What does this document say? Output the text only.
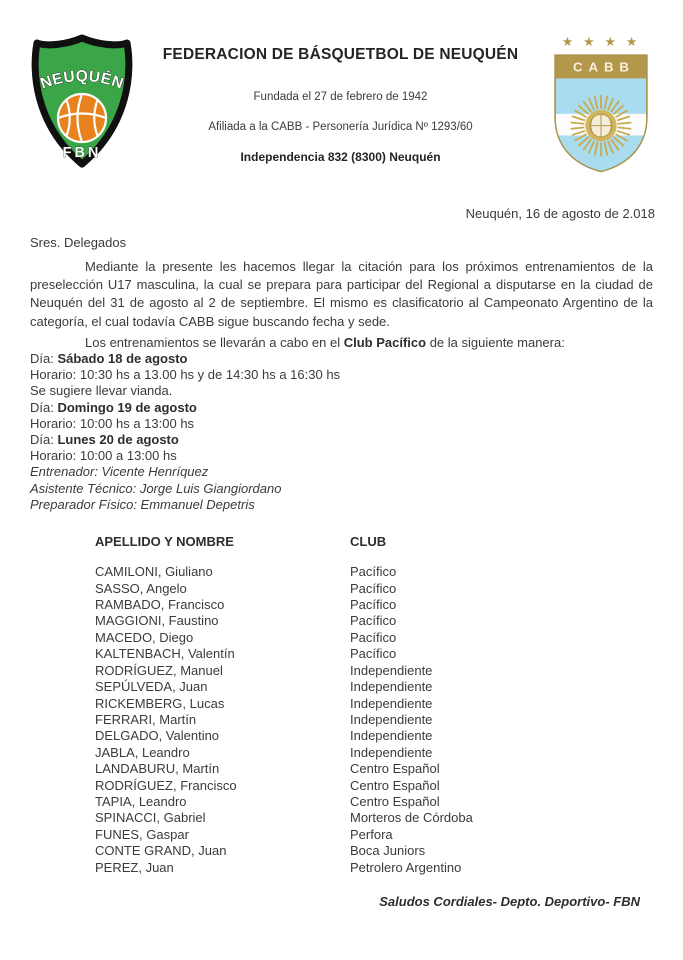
NEUQUÉN
FBN
FEDERACION DE BÁSQUETBOL DE NEUQUÉN
Fundada el 27 de febrero de 1942
Afiliada a la CABB - Personería Jurídica Nº 1293/60
Independencia 832 (8300) Neuquén
★ ★ ★ ★
CABB
Neuquén, 16 de agosto de 2.018
Sres. Delegados

Mediante la presente les hacemos llegar la citación para los próximos entrenamientos de la preselección U17 masculina, la cual se prepara para participar del Regional a disputarse en la ciudad de Neuquén del 31 de agosto al 2 de septiembre. El mismo es clasificatorio al Campeonato Argentino de la categoría, el cual todavía CABB sigue buscando fecha y sede.

Los entrenamientos se llevarán a cabo en el Club Pacífico de la siguiente manera:

Día: Sábado 18 de agosto
Horario: 10:30 hs a 13.00 hs y de 14:30 hs a 16:30 hs
Se sugiere llevar vianda.
Día: Domingo 19 de agosto
Horario: 10:00 hs a 13:00 hs
Día: Lunes 20 de agosto
Horario: 10:00 a 13:00 hs
Entrenador: Vicente Henríquez
Asistente Técnico: Jorge Luis Giangiordano
Preparador Físico: Emmanuel Depetris
APELLIDO Y NOMBRE	CLUB
CAMILONI, Giuliano	Pacífico
SASSO, Angelo	Pacífico
RAMBADO, Francisco	Pacífico
MAGGIONI, Faustino	Pacífico
MACEDO, Diego	Pacífico
KALTENBACH, Valentín	Pacífico
RODRÍGUEZ, Manuel	Independiente
SEPÚLVEDA, Juan	Independiente
RICKEMBERG, Lucas	Independiente
FERRARI, Martín	Independiente
DELGADO, Valentino	Independiente
JABLA, Leandro	Independiente
LANDABURU, Martín	Centro Español
RODRÍGUEZ, Francisco	Centro Español
TAPIA, Leandro	Centro Español
SPINACCI, Gabriel	Morteros de Córdoba
FUNES, Gaspar	Perfora
CONTE GRAND, Juan	Boca Juniors
PEREZ, Juan	Petrolero Argentino
Saludos Cordiales- Depto. Deportivo- FBN
